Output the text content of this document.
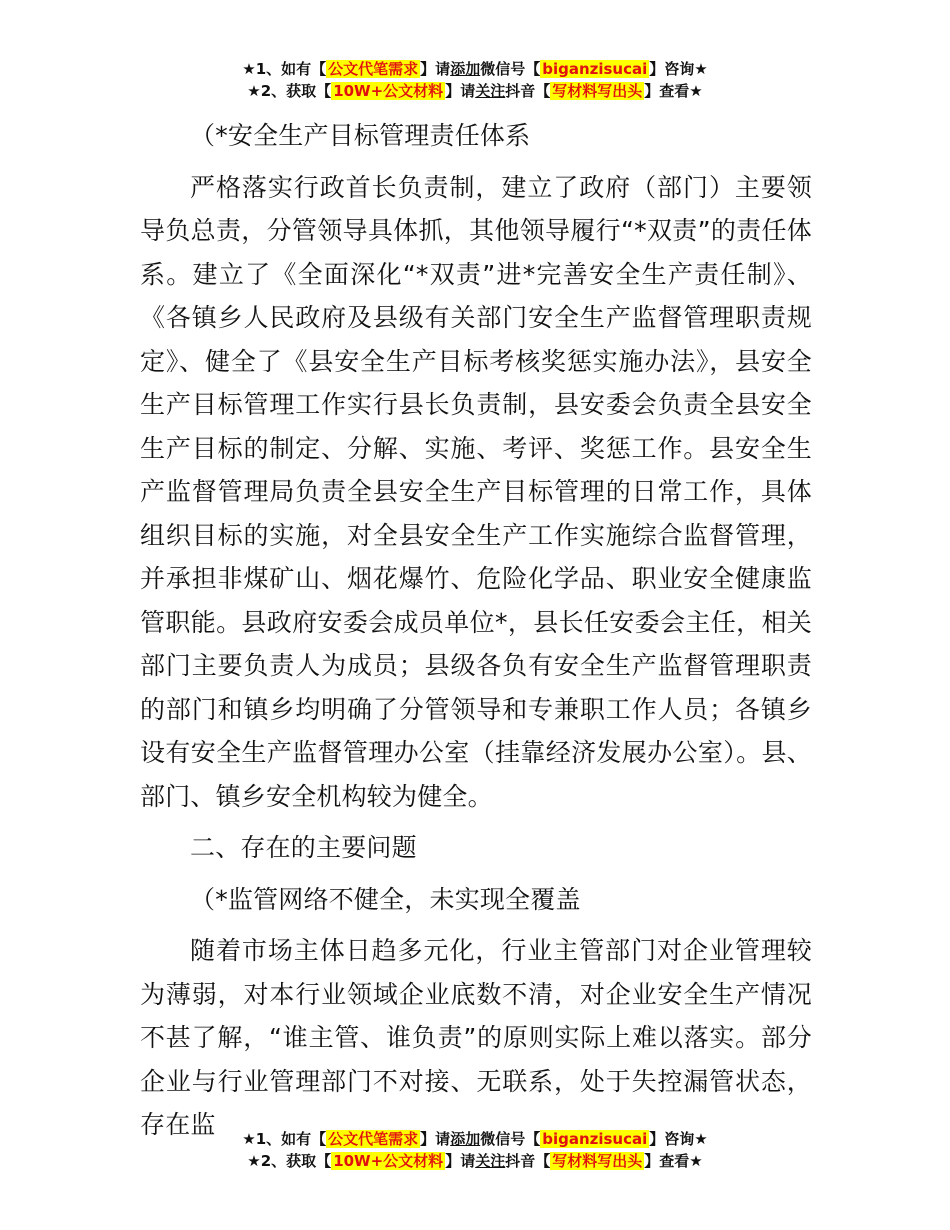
★1、如有【 公文代笔需求 】请添加微信号【 biganzisucai 】咨询★
★2、获取【 10W+公文材料 】请关注抖音【 写材料写出头 】查看★

（*安全生产目标管理责任体系

严格落实行政首长负责制，建立了政府（部门）主要领导负总责，分管领导具体抓，其他领导履行“*双责”的责任体系。建立了《全面深化“*双责”进*完善安全生产责任制》、《各镇乡人民政府及县级有关部门安全生产监督管理职责规定》、健全了《县安全生产目标考核奖惩实施办法》，县安全生产目标管理工作实行县长负责制，县安委会负责全县安全生产目标的制定、分解、实施、考评、奖惩工作。县安全生产监督管理局负责全县安全生产目标管理的日常工作，具体组织目标的实施，对全县安全生产工作实施综合监督管理，并承担非煤矿山、烟花爆竹、危险化学品、职业安全健康监管职能。县政府安委会成员单位*，县长任安委会主任，相关部门主要负责人为成员；县级各负有安全生产监督管理职责的部门和镇乡均明确了分管领导和专兼职工作人员；各镇乡设有安全生产监督管理办公室（挂靠经济发展办公室）。县、部门、镇乡安全机构较为健全。

二、存在的主要问题

（*监管网络不健全，未实现全覆盖

随着市场主体日趋多元化，行业主管部门对企业管理较为薄弱，对本行业领域企业底数不清，对企业安全生产情况不甚了解，“谁主管、谁负责”的原则实际上难以落实。部分企业与行业管理部门不对接、无联系，处于失控漏管状态，存在监	★1、如有【 公文代笔需求 】请添加微信号【 biganzisucai 】咨询★
★2、获取【 10W+公文材料 】请关注抖音【 写材料写出头 】查看★
